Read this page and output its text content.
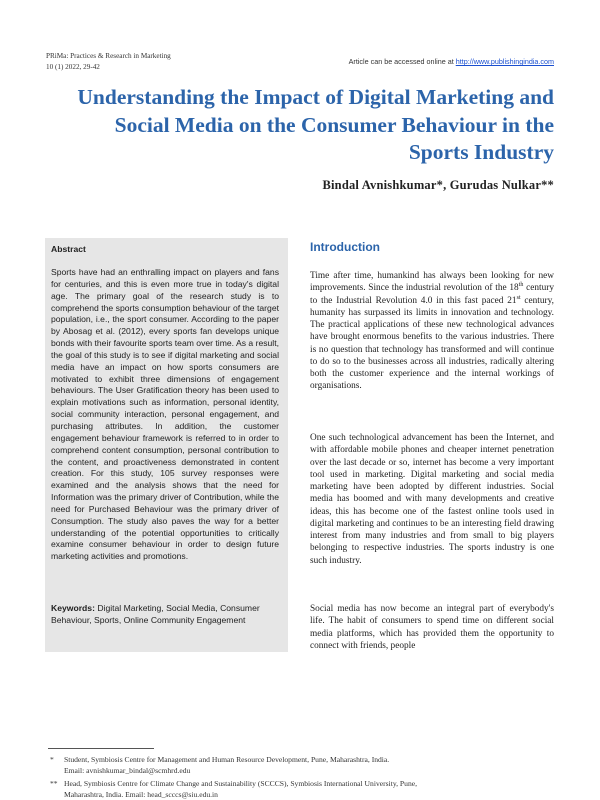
PRiMa: Practices & Research in Marketing
10 (1) 2022, 29-42
Article can be accessed online at http://www.publishingindia.com
Understanding the Impact of Digital Marketing and Social Media on the Consumer Behaviour in the Sports Industry
Bindal Avnishkumar*, Gurudas Nulkar**
Abstract

Sports have had an enthralling impact on players and fans for centuries, and this is even more true in today's digital age. The primary goal of the research study is to comprehend the sports consumption behaviour of the target population, i.e., the sport consumer. According to the paper by Abosag et al. (2012), every sports fan develops unique bonds with their favourite sports team over time. As a result, the goal of this study is to see if digital marketing and social media have an impact on how sports consumers are motivated to exhibit three dimensions of engagement behaviours. The User Gratification theory has been used to explain motivations such as information, personal identity, social community interaction, personal engagement, and purchasing attributes. In addition, the customer engagement behaviour framework is referred to in order to comprehend content consumption, personal contribution to the content, and proactiveness demonstrated in content creation. For this study, 105 survey responses were examined and the analysis shows that the need for Information was the primary driver of Contribution, while the need for Purchased Behaviour was the primary driver of Consumption. The study also paves the way for a better understanding of the potential opportunities to critically examine consumer behaviour in order to design future marketing activities and promotions.

Keywords: Digital Marketing, Social Media, Consumer Behaviour, Sports, Online Community Engagement

Introduction

Time after time, humankind has always been looking for new improvements. Since the industrial revolution of the 18th century to the Industrial Revolution 4.0 in this fast paced 21st century, humanity has surpassed its limits in innovation and technology. The practical applications of these new technological advances have brought enormous benefits to the various industries. There is no question that technology has transformed and will continue to do so to the businesses across all industries, radically altering both the customer experience and the internal workings of organisations.

One such technological advancement has been the Internet, and with affordable mobile phones and cheaper internet penetration over the last decade or so, internet has become a very important tool used in marketing. Digital marketing and social media marketing have been adopted by different industries. Social media has boomed and with many developments and creative ideas, this has become one of the fastest online tools used in digital marketing and continues to be an interesting field drawing interest from many industries and from small to big players belonging to respective industries. The sports industry is one such industry.

Social media has now become an integral part of everybody's life. The habit of consumers to spend time on different social media platforms, which has provided them the opportunity to connect with friends, people

* Student, Symbiosis Centre for Management and Human Resource Development, Pune, Maharashtra, India.
Email: avnishkumar_bindal@scmhrd.edu
** Head, Symbiosis Centre for Climate Change and Sustainability (SCCCS), Symbiosis International University, Pune,
Maharashtra, India. Email: head_scccs@siu.edu.in
